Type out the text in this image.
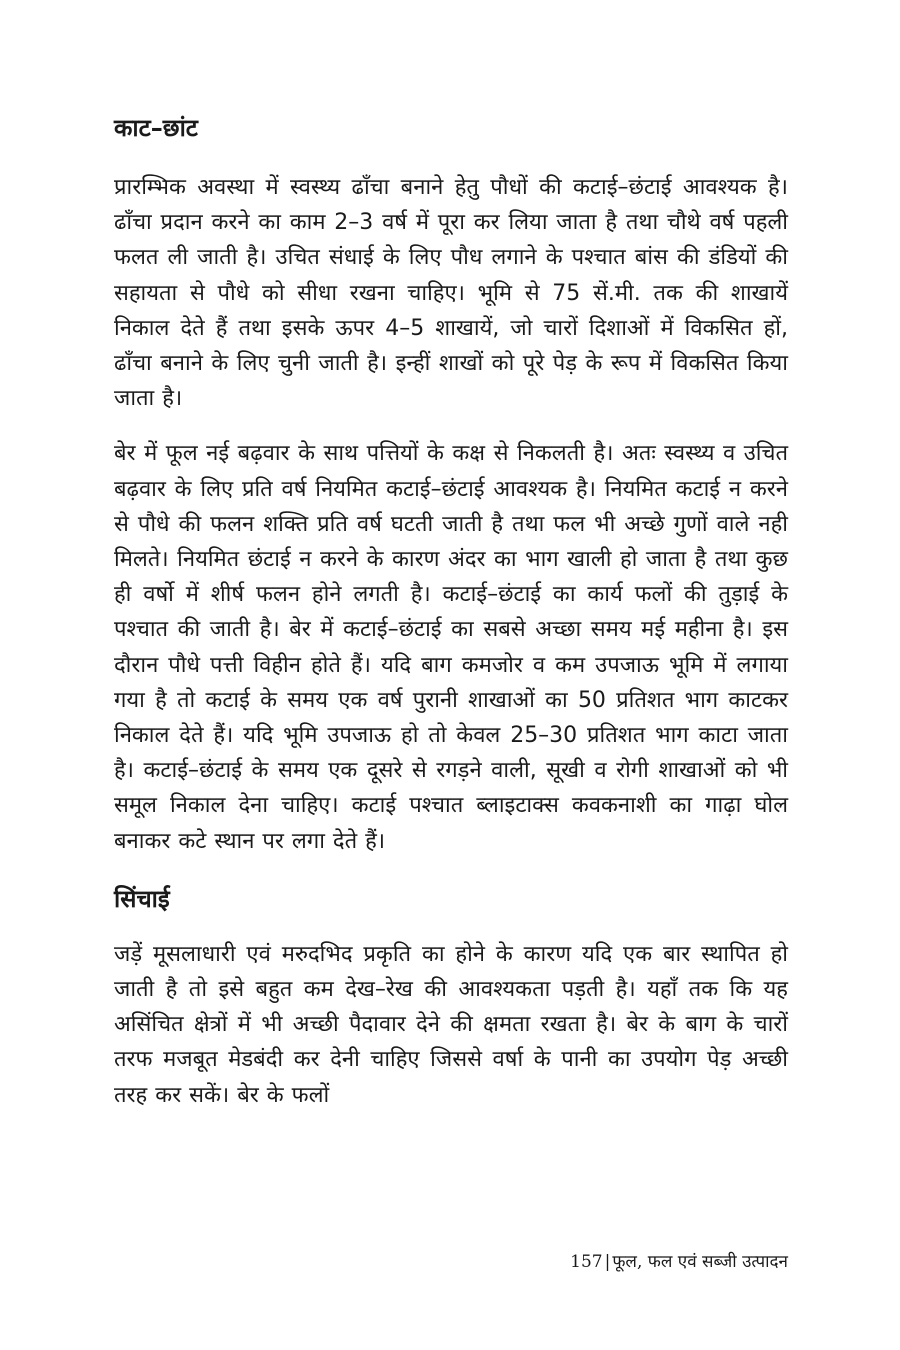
काट–छांट

प्रारम्भिक अवस्था में स्वस्थ्य ढाँचा बनाने हेतु पौधों की कटाई–छंटाई आवश्यक है। ढाँचा प्रदान करने का काम 2–3 वर्ष में पूरा कर लिया जाता है तथा चौथे वर्ष पहली फलत ली जाती है। उचित संधाई के लिए पौध लगाने के पश्चात बांस की डंडियों की सहायता से पौधे को सीधा रखना चाहिए। भूमि से 75 सें.मी. तक की शाखायें निकाल देते हैं तथा इसके ऊपर 4–5 शाखायें, जो चारों दिशाओं में विकसित हों, ढाँचा बनाने के लिए चुनी जाती है। इन्हीं शाखों को पूरे पेड़ के रूप में विकसित किया जाता है।

बेर में फूल नई बढ़वार के साथ पत्तियों के कक्ष से निकलती है। अतः स्वस्थ्य व उचित बढ़वार के लिए प्रति वर्ष नियमित कटाई–छंटाई आवश्यक है। नियमित कटाई न करने से पौधे की फलन शक्ति प्रति वर्ष घटती जाती है तथा फल भी अच्छे गुणों वाले नही मिलते। नियमित छंटाई न करने के कारण अंदर का भाग खाली हो जाता है तथा कुछ ही वर्षो में शीर्ष फलन होने लगती है। कटाई–छंटाई का कार्य फलों की तुड़ाई के पश्चात की जाती है। बेर में कटाई–छंटाई का सबसे अच्छा समय मई महीना है। इस दौरान पौधे पत्ती विहीन होते हैं। यदि बाग कमजोर व कम उपजाऊ भूमि में लगाया गया है तो कटाई के समय एक वर्ष पुरानी शाखाओं का 50 प्रतिशत भाग काटकर निकाल देते हैं। यदि भूमि उपजाऊ हो तो केवल 25–30 प्रतिशत भाग काटा जाता है। कटाई–छंटाई के समय एक दूसरे से रगड़ने वाली, सूखी व रोगी शाखाओं को भी समूल निकाल देना चाहिए। कटाई पश्चात ब्लाइटाक्स कवकनाशी का गाढ़ा घोल बनाकर कटे स्थान पर लगा देते हैं।

सिंचाई

जड़ें मूसलाधारी एवं मरुदभिद प्रकृति का होने के कारण यदि एक बार स्थापित हो जाती है तो इसे बहुत कम देख–रेख की आवश्यकता पड़ती है। यहाँ तक कि यह असिंचित क्षेत्रों में भी अच्छी पैदावार देने की क्षमता रखता है। बेर के बाग के चारों तरफ मजबूत मेडबंदी कर देनी चाहिए जिससे वर्षा के पानी का उपयोग पेड़ अच्छी तरह कर सकें। बेर के फलों

157 | फूल, फल एवं सब्जी उत्पादन
